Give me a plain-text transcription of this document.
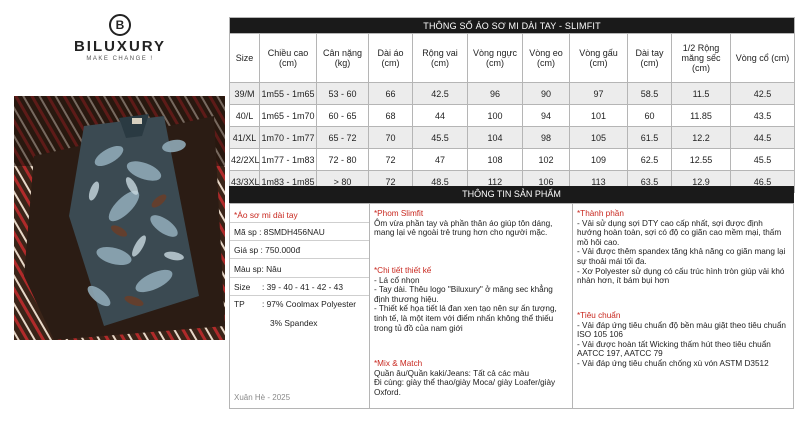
B
BILUXURY
MAKE CHANGE !
THÔNG SỐ ÁO SƠ MI DÀI TAY - SLIMFIT										
Size	Chiều cao (cm)	Cân nặng (kg)	Dài áo (cm)	Rộng vai (cm)	Vòng ngực (cm)	Vòng eo (cm)	Vòng gấu (cm)	Dài tay (cm)	1/2 Rộng măng sếc (cm)	Vòng cổ (cm)
39/M	1m55 - 1m65	53 - 60	66	42.5	96	90	97	58.5	11.5	42.5
40/L	1m65 - 1m70	60 - 65	68	44	100	94	101	60	11.85	43.5
41/XL	1m70 - 1m77	65 - 72	70	45.5	104	98	105	61.5	12.2	44.5
42/2XL	1m77 - 1m83	72 - 80	72	47	108	102	109	62.5	12.55	45.5
43/3XL	1m83 - 1m85	> 80	72	48.5	112	106	113	63.5	12.9	46.5
THÔNG TIN SẢN PHẨM
*Áo sơ mi dài tay
Mã sp : 8SMDH456NAU
Giá sp : 750.000đ
Màu sp: Nâu
Size : 39 - 40 - 41 - 42 - 43
TP : 97% Coolmax Polyester
3% Spandex
Xuân Hè - 2025

*Phom Slimfit

Ôm vừa phần tay và phần thân áo giúp tôn dáng, mang lại vẻ ngoài trẻ trung hơn cho người mặc.

*Chi tiết thiết kế

- Lá cổ nhọn

- Tay dài. Thêu logo "Biluxury" ở măng sec khẳng định thương hiệu.

- Thiết kế họa tiết lá đan xen tạo nên sự ấn tượng, tinh tế, là một item với điểm nhấn không thể thiếu trong tủ đồ của nam giới

*Mix & Match

Quần âu/Quần kaki/Jeans: Tất cả các màu

Đi cùng: giày thể thao/giày Moca/ giày Loafer/giày Oxford.

*Thành phần

- Vải sử dụng sợi DTY cao cấp nhất, sợi được định hướng hoàn toàn, sợi có độ co giãn cao mềm mại, thấm mồ hôi cao.

- Vải được thêm spandex tăng khả năng co giãn mang lại sự thoải mái tối đa.

- Xơ Polyester sử dụng có cấu trúc hình tròn giúp vải khó nhàn hơn, ít bám bụi hơn

*Tiêu chuẩn

- Vải đáp ứng tiêu chuẩn độ bền màu giặt theo tiêu chuẩn ISO 105 106

- Vải được hoàn tất Wicking thấm hút theo tiêu chuẩn AATCC 197, AATCC 79

- Vải đáp ứng tiêu chuẩn chống xù vón ASTM D3512
